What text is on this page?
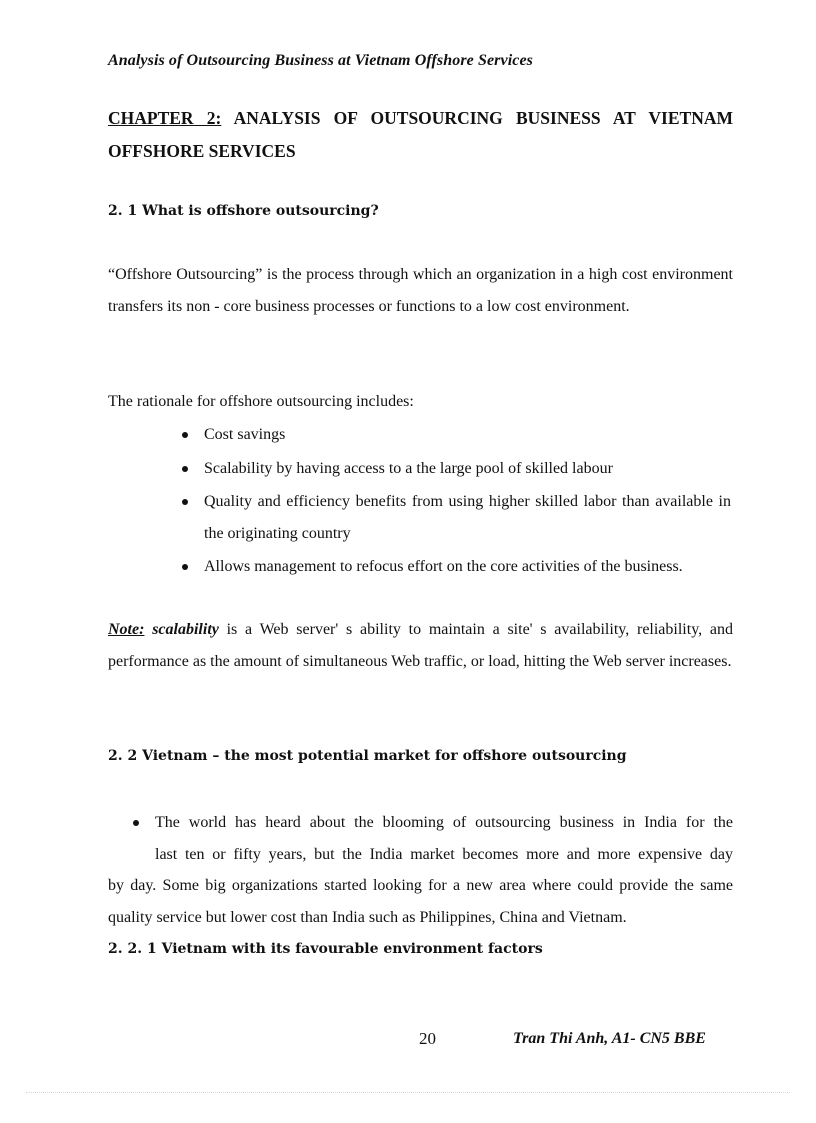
Analysis of Outsourcing Business at Vietnam Offshore Services
CHAPTER 2: ANALYSIS OF OUTSOURCING BUSINESS AT VIETNAM OFFSHORE SERVICES
2. 1 What is offshore outsourcing?
“Offshore Outsourcing” is the process through which an organization in a high cost environment transfers its non - core business processes or functions to a low cost environment.
The rationale for offshore outsourcing includes:
Cost savings
Scalability by having access to a the large pool of skilled labour
Quality and efficiency benefits from using higher skilled labor than available in the originating country
Allows management to refocus effort on the core activities of the business.
Note: scalability is a Web server' s ability to maintain a site' s availability, reliability, and performance as the amount of simultaneous Web traffic, or load, hitting the Web server increases.
2. 2 Vietnam – the most potential market for offshore outsourcing
The world has heard about the blooming of outsourcing business in India for the
last ten or fifty years, but the India market becomes more and more expensive day
by day. Some big organizations started looking for a new area where could provide the same quality service but lower cost than India such as Philippines, China and Vietnam.
2. 2. 1 Vietnam with its favourable environment factors
20	Tran Thi Anh, A1- CN5 BBE
